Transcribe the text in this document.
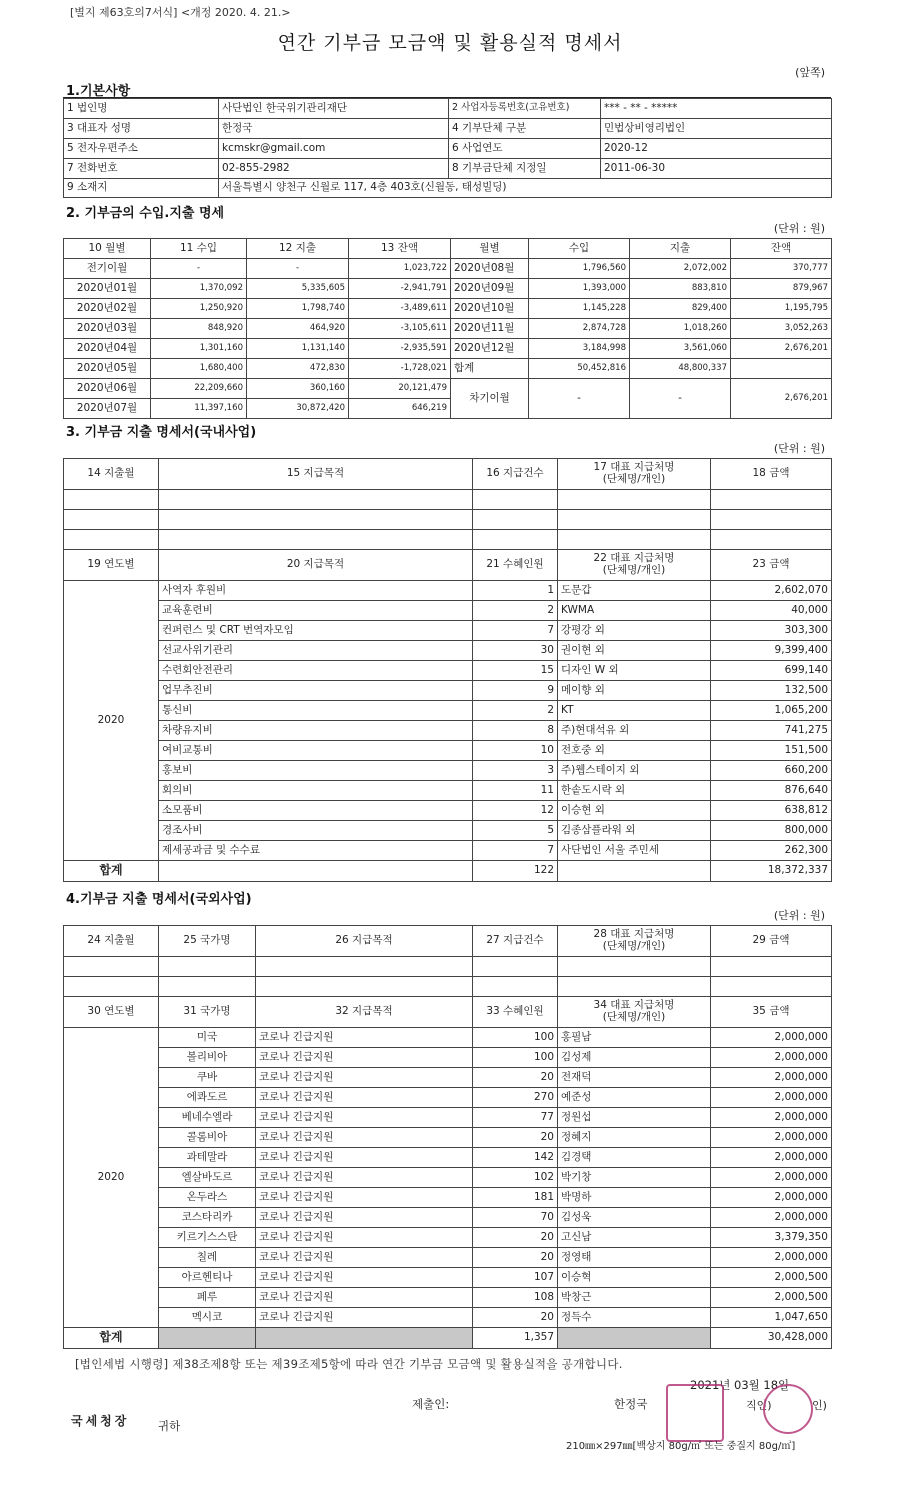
[별지 제63호의7서식] <개정 2020. 4. 21.>
연간 기부금 모금액 및 활용실적 명세서
(앞쪽)
1.기본사항
1 법인명	사단법인 한국위기관리재단	2 사업자등록번호(고유번호)	*** - ** - *****
3 대표자 성명	한정국	4 기부단체 구분	민법상비영리법인
5 전자우편주소	kcmskr@gmail.com	6 사업연도	2020-12
7 전화번호	02-855-2982	8 기부금단체 지정일	2011-06-30
9 소재지	서울특별시 양천구 신월로 117, 4층 403호(신월동, 태성빌딩)		
2. 기부금의 수입.지출 명세
(단위 : 원)
10 월별	11 수입	12 지출	13 잔액	월별	수입	지출	잔액
전기이월	-	-	1,023,722	2020년08월	1,796,560	2,072,002	370,777
2020년01월	1,370,092	5,335,605	-2,941,791	2020년09월	1,393,000	883,810	879,967
2020년02월	1,250,920	1,798,740	-3,489,611	2020년10월	1,145,228	829,400	1,195,795
2020년03월	848,920	464,920	-3,105,611	2020년11월	2,874,728	1,018,260	3,052,263
2020년04월	1,301,160	1,131,140	-2,935,591	2020년12월	3,184,998	3,561,060	2,676,201
2020년05월	1,680,400	472,830	-1,728,021	합계	50,452,816	48,800,337	
2020년06월	22,209,660	360,160	20,121,479	차기이월	-	-	2,676,201
2020년07월	11,397,160	30,872,420	646,219				
3. 기부금 지출 명세서(국내사업)
(단위 : 원)
14 지출월	15 지급목적	16 지급건수	17 대표 지급처명
(단체명/개인)	18 금액

19 연도별	20 지급목적	21 수혜인원	22 대표 지급처명
(단체명/개인)	23 금액
2020	사역자 후원비	1	도문갑	2,602,070
	교육훈련비	2	KWMA	40,000
	컨퍼런스 및 CRT 번역자모임	7	강평강 외	303,300
	선교사위기관리	30	권이현 외	9,399,400
	수련회안전관리	15	디자인 W 외	699,140
	업무추진비	9	메이향 외	132,500
	통신비	2	KT	1,065,200
	차량유지비	8	주)현대석유 외	741,275
	여비교통비	10	전호중 외	151,500
	홍보비	3	주)웹스테이지 외	660,200
	회의비	11	한솥도시락 외	876,640
	소모품비	12	이승현 외	638,812
	경조사비	5	김종삼플라워 외	800,000
	제세공과금 및 수수료	7	사단법인 서울 주민세	262,300
합계		122		18,372,337
4.기부금 지출 명세서(국외사업)
(단위 : 원)
24 지출월	25 국가명	26 지급목적	27 지급건수	28 대표 지급처명
(단체명/개인)	29 금액

30 연도별	31 국가명	32 지급목적	33 수혜인원	34 대표 지급처명
(단체명/개인)	35 금액
2020	미국	코로나 긴급지원	100	홍필남	2,000,000
	볼리비아	코로나 긴급지원	100	김성제	2,000,000
	쿠바	코로나 긴급지원	20	전재덕	2,000,000
	에콰도르	코로나 긴급지원	270	예준성	2,000,000
	베네수엘라	코로나 긴급지원	77	정원섭	2,000,000
	콜롬비아	코로나 긴급지원	20	정혜지	2,000,000
	과테말라	코로나 긴급지원	142	김경택	2,000,000
	엘살바도르	코로나 긴급지원	102	박기창	2,000,000
	온두라스	코로나 긴급지원	181	박명하	2,000,000
	코스타리카	코로나 긴급지원	70	김성욱	2,000,000
	키르기스스탄	코로나 긴급지원	20	고신남	3,379,350
	칠레	코로나 긴급지원	20	정영태	2,000,000
	아르헨티나	코로나 긴급지원	107	이승혁	2,000,500
	페루	코로나 긴급지원	108	박창근	2,000,500
	멕시코	코로나 긴급지원	20	정득수	1,047,650
합계			1,357		30,428,000
[법인세법 시행령] 제38조제8항 또는 제39조제5항에 따라 연간 기부금 모금액 및 활용실적을 공개합니다.
2021년 03월 18일
제출인:	한정국	직인)	인)
국세청장 귀하
210㎜×297㎜[백상지 80g/㎡ 또는 중질지 80g/㎡]
